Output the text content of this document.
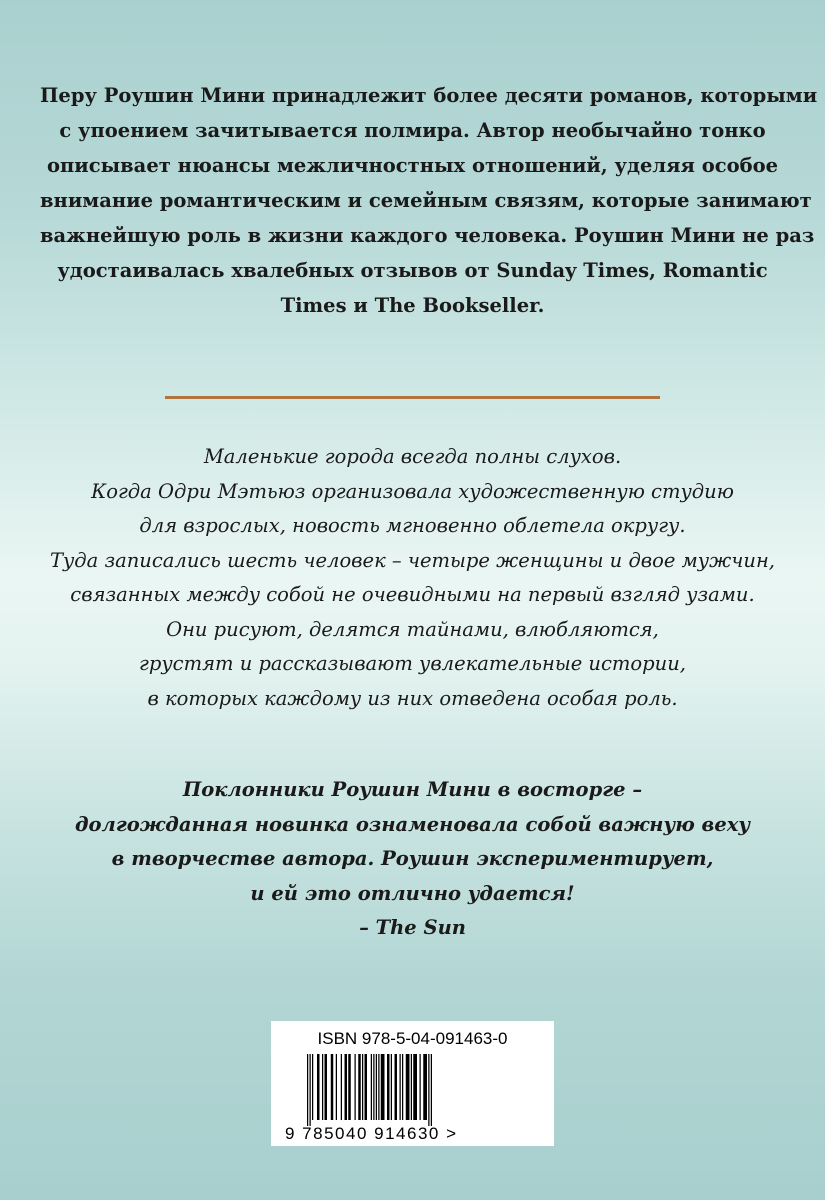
Перу Роушин Мини принадлежит более десяти романов, которыми
с упоением зачитывается полмира. Автор необычайно тонко
описывает нюансы межличностных отношений, уделяя особое
внимание романтическим и семейным связям, которые занимают
важнейшую роль в жизни каждого человека. Роушин Мини не раз
удостаивалась хвалебных отзывов от Sunday Times, Romantic
Times и The Bookseller.
Маленькие города всегда полны слухов.
Когда Одри Мэтьюз организовала художественную студию
для взрослых, новость мгновенно облетела округу.
Туда записались шесть человек – четыре женщины и двое мужчин,
связанных между собой не очевидными на первый взгляд узами.
Они рисуют, делятся тайнами, влюбляются,
грустят и рассказывают увлекательные истории,
в которых каждому из них отведена особая роль.
Поклонники Роушин Мини в восторге –
долгожданная новинка ознаменовала собой важную веху
в творчестве автора. Роушин экспериментирует,
и ей это отлично удается!
– The Sun
ISBN 978-5-04-091463-0
9 785040 914630 >
